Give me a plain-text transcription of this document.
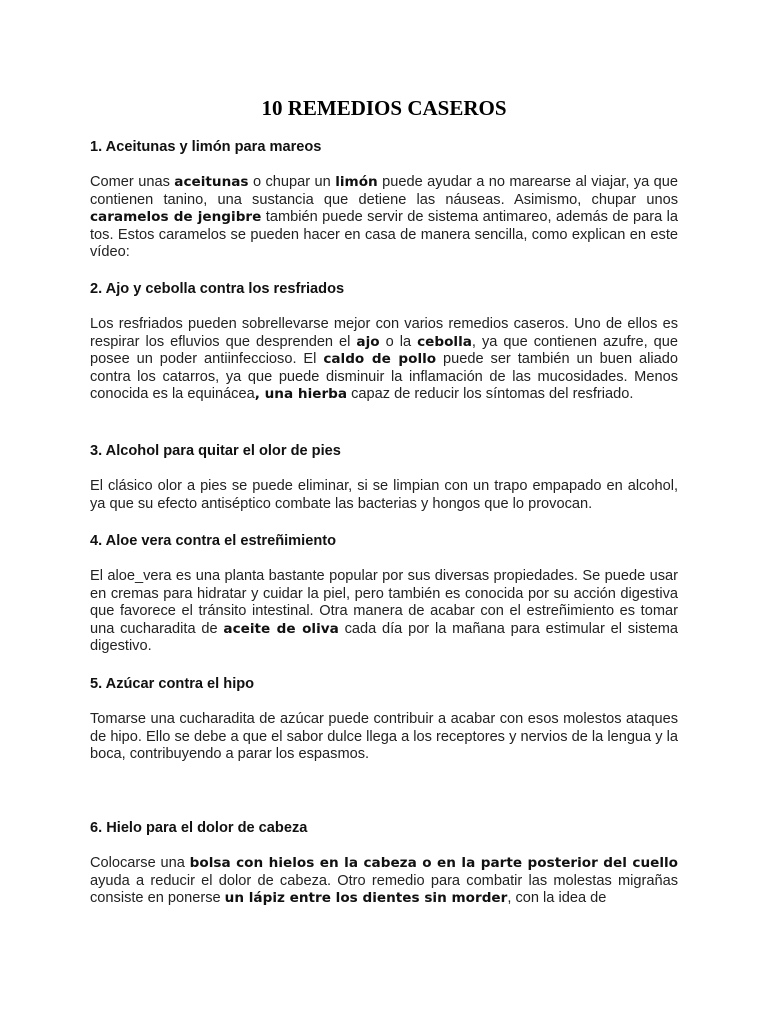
10 REMEDIOS CASEROS
1. Aceitunas y limón para mareos

Comer unas aceitunas o chupar un limón puede ayudar a no marearse al viajar, ya que contienen tanino, una sustancia que detiene las náuseas. Asimismo, chupar unos caramelos de jengibre también puede servir de sistema antimareo, además de para la tos. Estos caramelos se pueden hacer en casa de manera sencilla, como explican en este vídeo:

2. Ajo y cebolla contra los resfriados

Los resfriados pueden sobrellevarse mejor con varios remedios caseros. Uno de ellos es respirar los efluvios que desprenden el ajo o la cebolla, ya que contienen azufre, que posee un poder antiinfeccioso. El caldo de pollo puede ser también un buen aliado contra los catarros, ya que puede disminuir la inflamación de las mucosidades. Menos conocida es la equinácea, una hierba capaz de reducir los síntomas del resfriado.

3. Alcohol para quitar el olor de pies

El clásico olor a pies se puede eliminar, si se limpian con un trapo empapado en alcohol, ya que su efecto antiséptico combate las bacterias y hongos que lo provocan.

4. Aloe vera contra el estreñimiento

El aloe_vera es una planta bastante popular por sus diversas propiedades. Se puede usar en cremas para hidratar y cuidar la piel, pero también es conocida por su acción digestiva que favorece el tránsito intestinal. Otra manera de acabar con el estreñimiento es tomar una cucharadita de aceite de oliva cada día por la mañana para estimular el sistema digestivo.

5. Azúcar contra el hipo

Tomarse una cucharadita de azúcar puede contribuir a acabar con esos molestos ataques de hipo. Ello se debe a que el sabor dulce llega a los receptores y nervios de la lengua y la boca, contribuyendo a parar los espasmos.

6. Hielo para el dolor de cabeza

Colocarse una bolsa con hielos en la cabeza o en la parte posterior del cuello ayuda a reducir el dolor de cabeza. Otro remedio para combatir las molestas migrañas consiste en ponerse un lápiz entre los dientes sin morder, con la idea de
